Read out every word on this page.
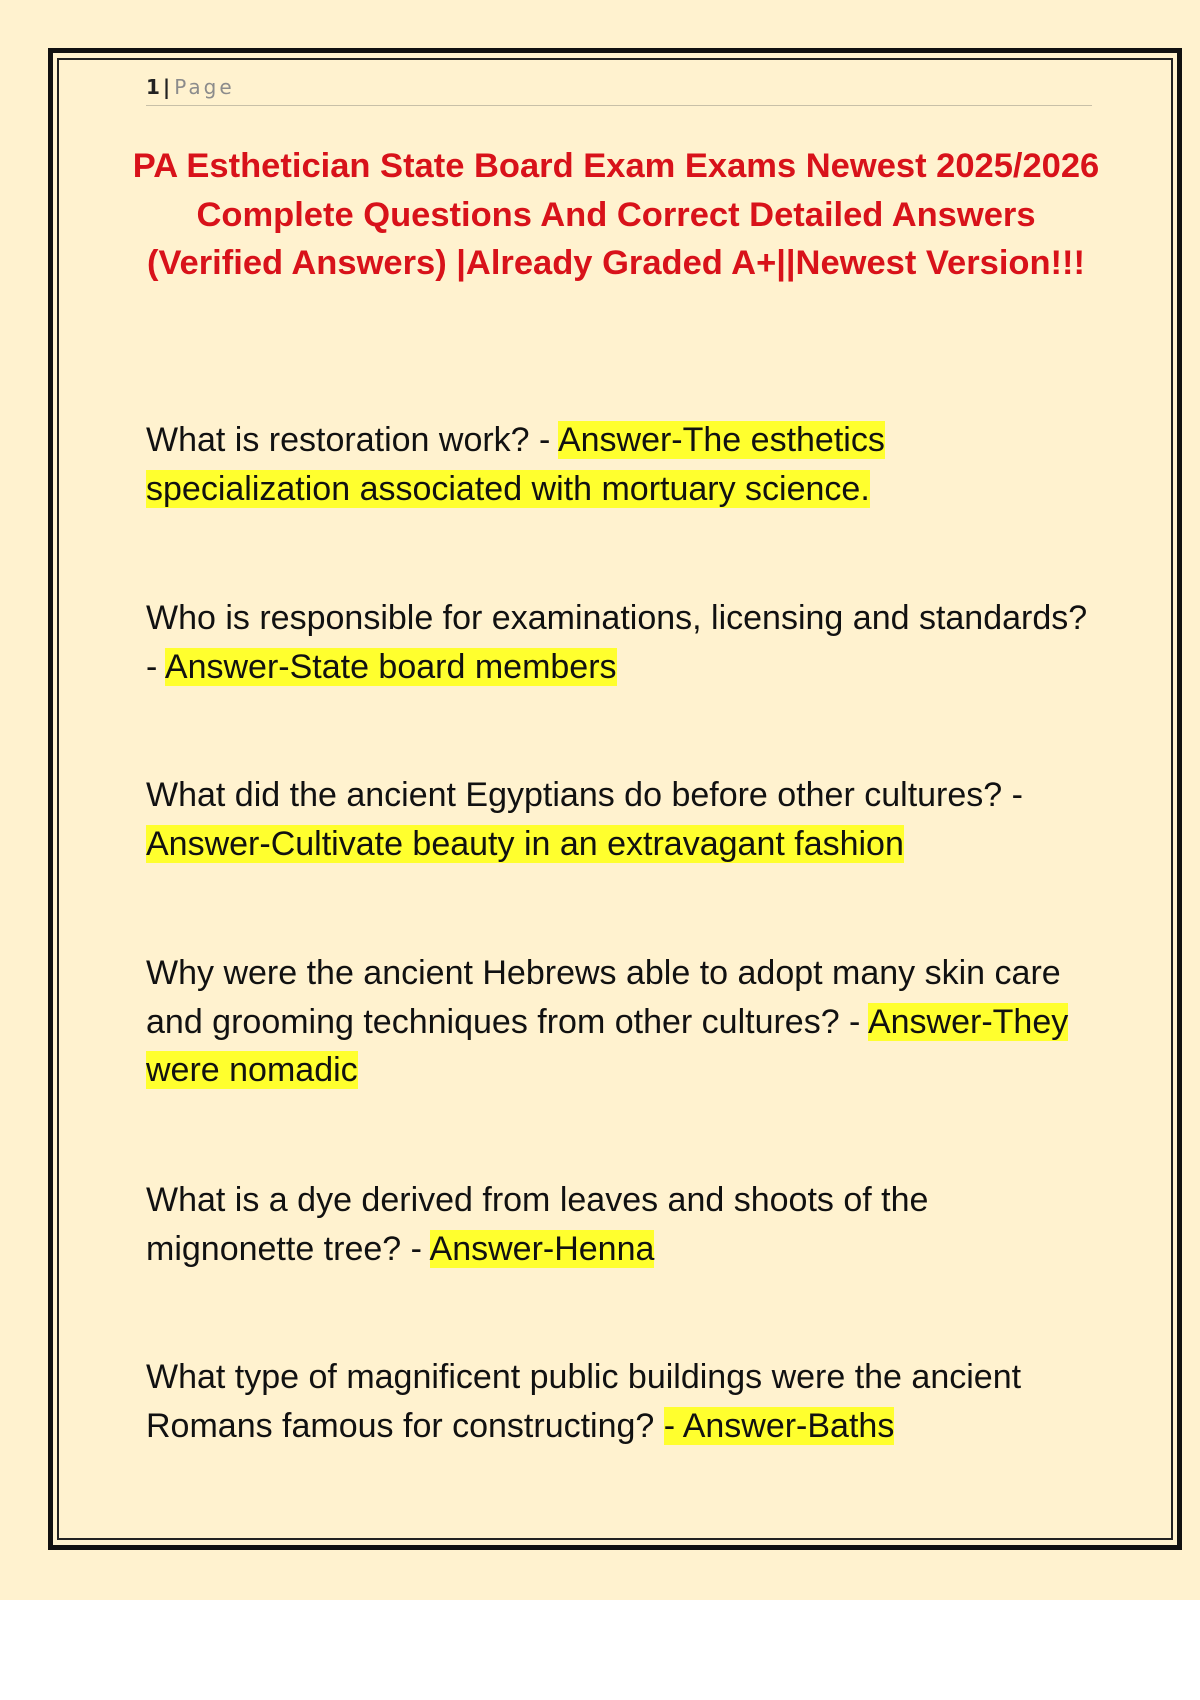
1 | Page
PA Esthetician State Board Exam Exams Newest 2025/2026 Complete Questions And Correct Detailed Answers (Verified Answers) |Already Graded A+||Newest Version!!!

What is restoration work? - Answer-The esthetics specialization associated with mortuary science.

Who is responsible for examinations, licensing and standards? - Answer-State board members

What did the ancient Egyptians do before other cultures? - Answer-Cultivate beauty in an extravagant fashion

Why were the ancient Hebrews able to adopt many skin care and grooming techniques from other cultures? - Answer-They were nomadic

What is a dye derived from leaves and shoots of the mignonette tree? - Answer-Henna

What type of magnificent public buildings were the ancient Romans famous for constructing? - Answer-Baths
